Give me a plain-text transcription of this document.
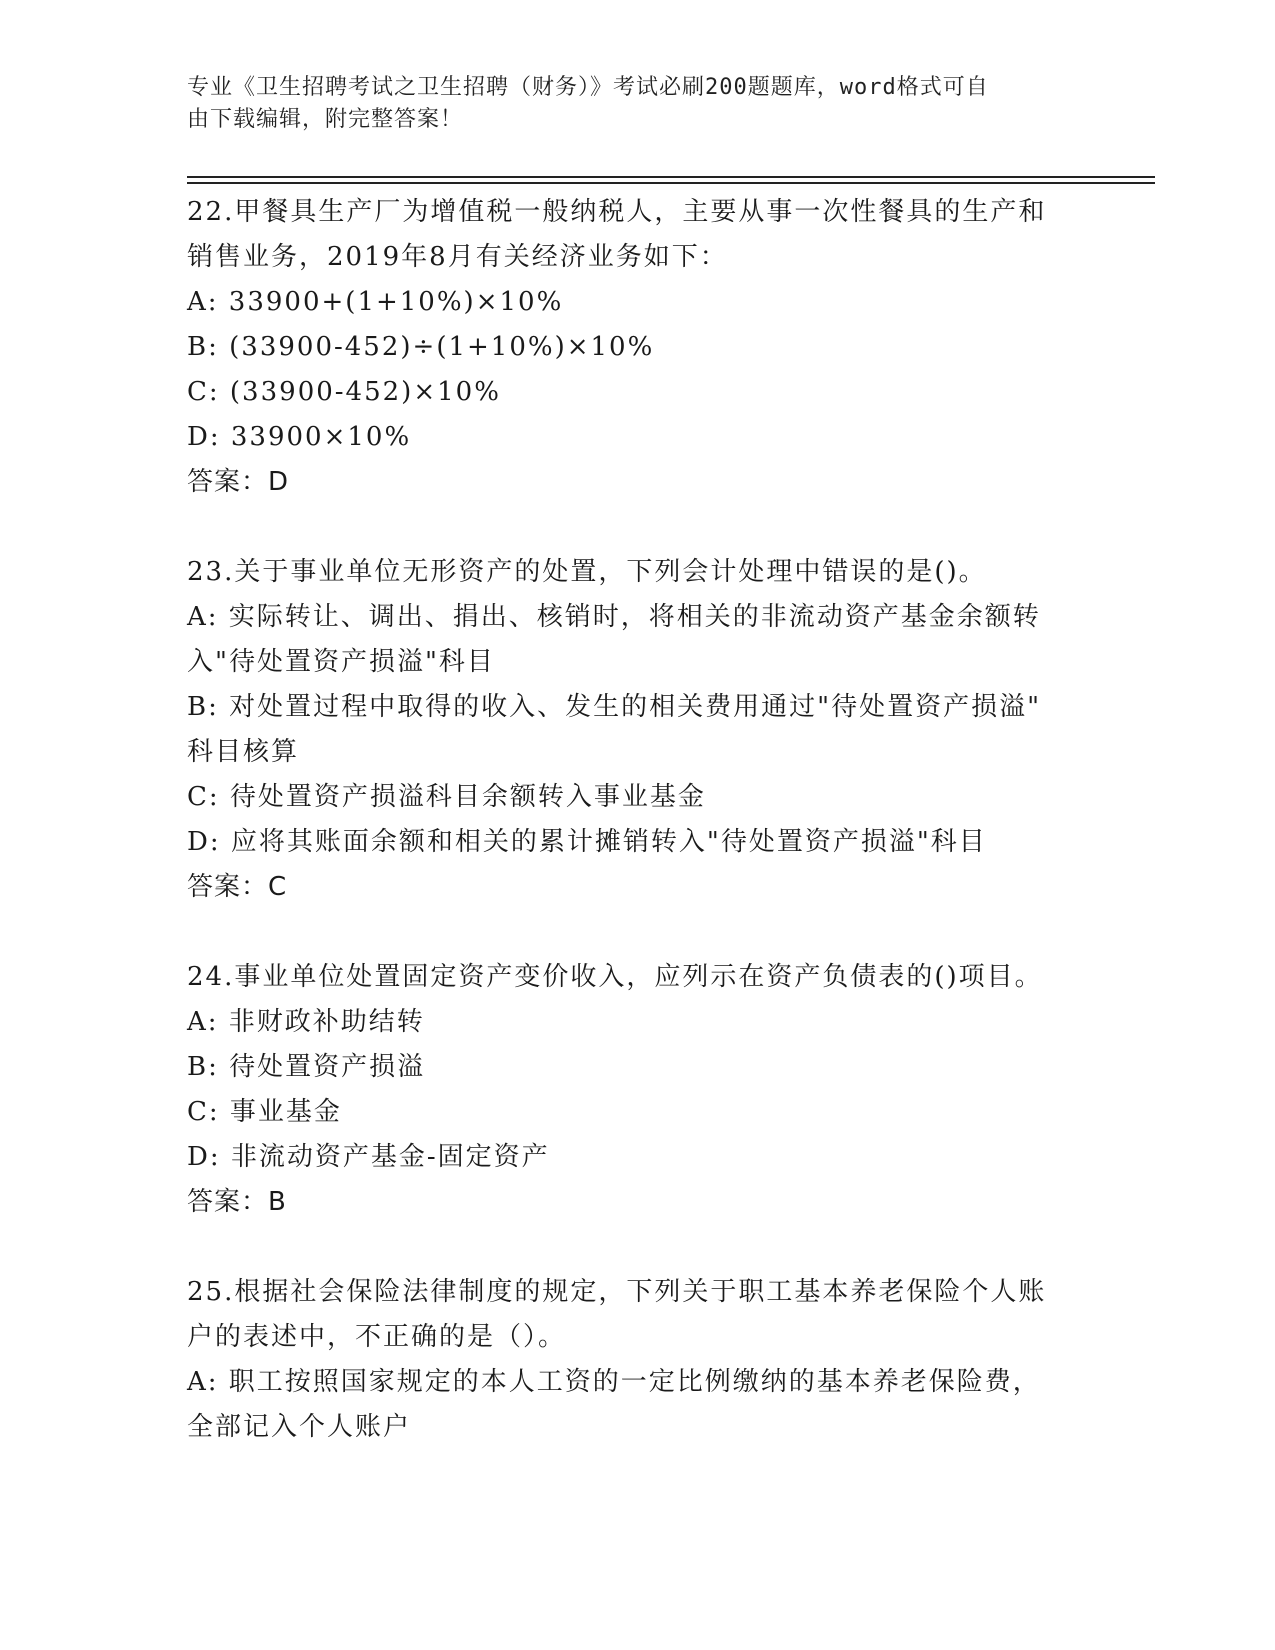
专业《卫生招聘考试之卫生招聘（财务）》考试必刷200题题库，word格式可自
由下载编辑，附完整答案！
22.甲餐具生产厂为增值税一般纳税人，主要从事一次性餐具的生产和
销售业务，2019年8月有关经济业务如下：
A: 33900+(1+10%)×10%
B: (33900-452)÷(1+10%)×10%
C: (33900-452)×10%
D: 33900×10%
答案：D
23.关于事业单位无形资产的处置，下列会计处理中错误的是()。
A: 实际转让、调出、捐出、核销时，将相关的非流动资产基金余额转
入"待处置资产损溢"科目
B: 对处置过程中取得的收入、发生的相关费用通过"待处置资产损溢"
科目核算
C: 待处置资产损溢科目余额转入事业基金
D: 应将其账面余额和相关的累计摊销转入"待处置资产损溢"科目
答案：C
24.事业单位处置固定资产变价收入，应列示在资产负债表的()项目。
A: 非财政补助结转
B: 待处置资产损溢
C: 事业基金
D: 非流动资产基金-固定资产
答案：B
25.根据社会保险法律制度的规定，下列关于职工基本养老保险个人账
户的表述中，不正确的是（）。
A: 职工按照国家规定的本人工资的一定比例缴纳的基本养老保险费，
全部记入个人账户
